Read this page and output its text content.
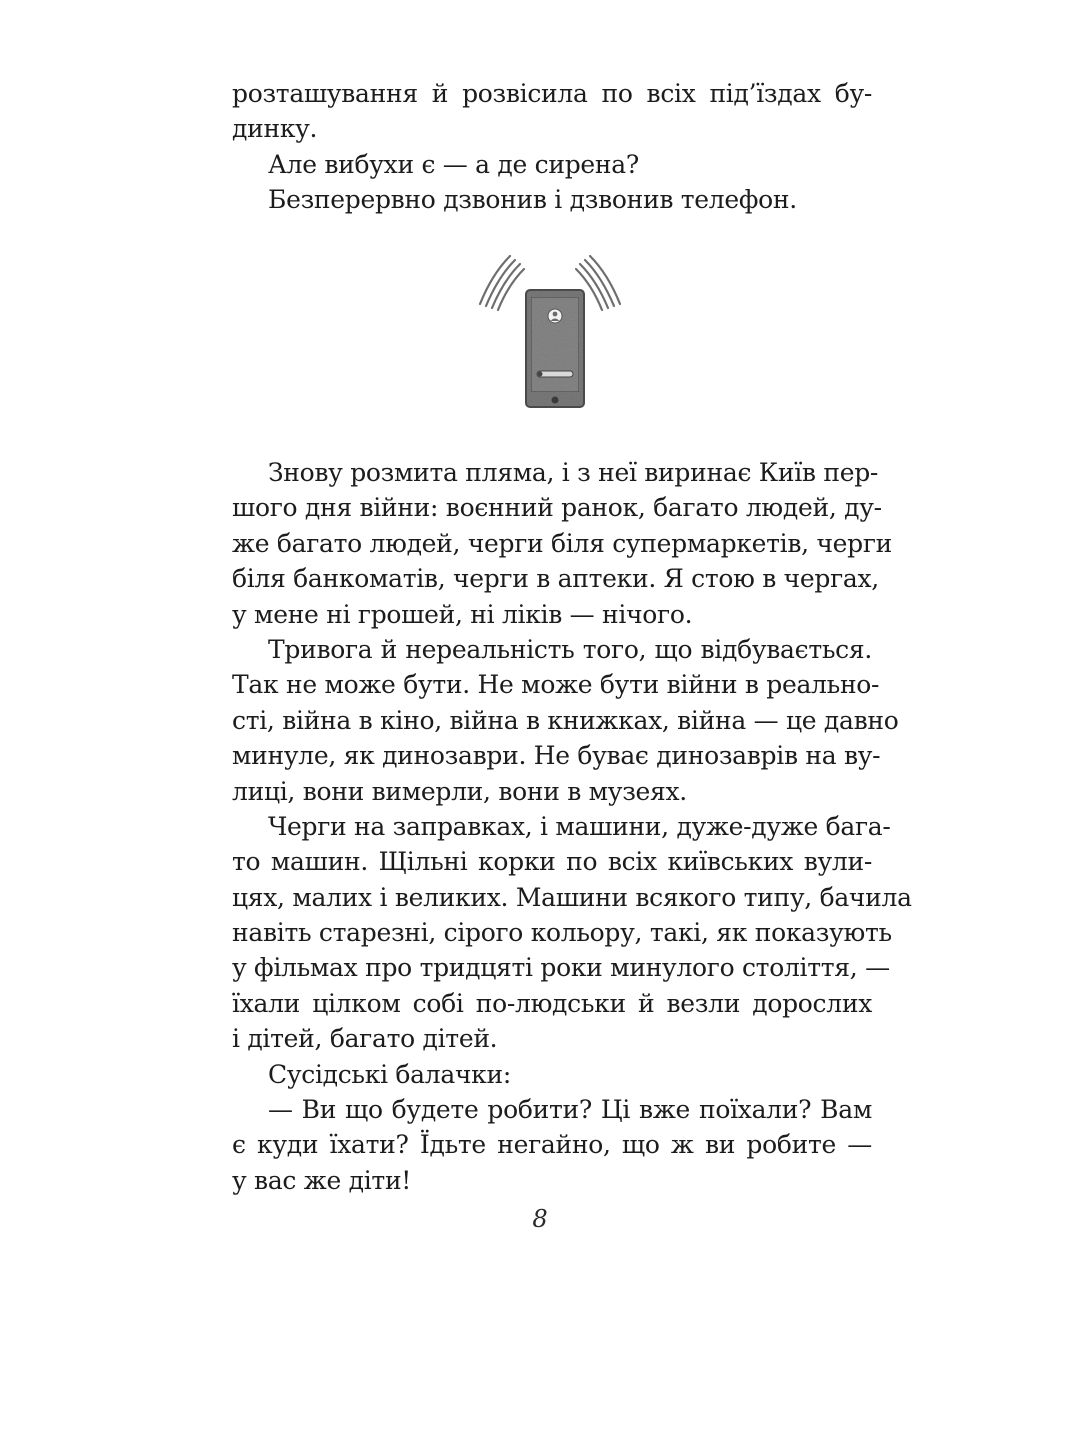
розташування й розвісила по всіх під’їздах бу-
динку.
Але вибухи є — а де сирена?
Безперервно дзвонив і дзвонив телефон.
Знову розмита пляма, і з неї виринає Київ пер-
шого дня війни: воєнний ранок, багато людей, ду-
же багато людей, черги біля супермаркетів, черги
біля банкоматів, черги в аптеки. Я стою в чергах,
у мене ні грошей, ні ліків — нічого.
Тривога й нереальність того, що відбувається.
Так не може бути. Не може бути війни в реально-
сті, війна в кіно, війна в книжках, війна — це давно
минуле, як динозаври. Не буває динозаврів на ву-
лиці, вони вимерли, вони в музеях.
Черги на заправках, і машини, дуже-дуже бага-
то машин. Щільні корки по всіх київських вули-
цях, малих і великих. Машини всякого типу, бачила
навіть старезні, сірого кольору, такі, як показують
у фільмах про тридцяті роки минулого століття, —
їхали цілком собі по-людськи й везли дорослих
і дітей, багато дітей.
Сусідські балачки:
— Ви що будете робити? Ці вже поїхали? Вам
є куди їхати? Їдьте негайно, що ж ви робите —
у вас же діти!
8
